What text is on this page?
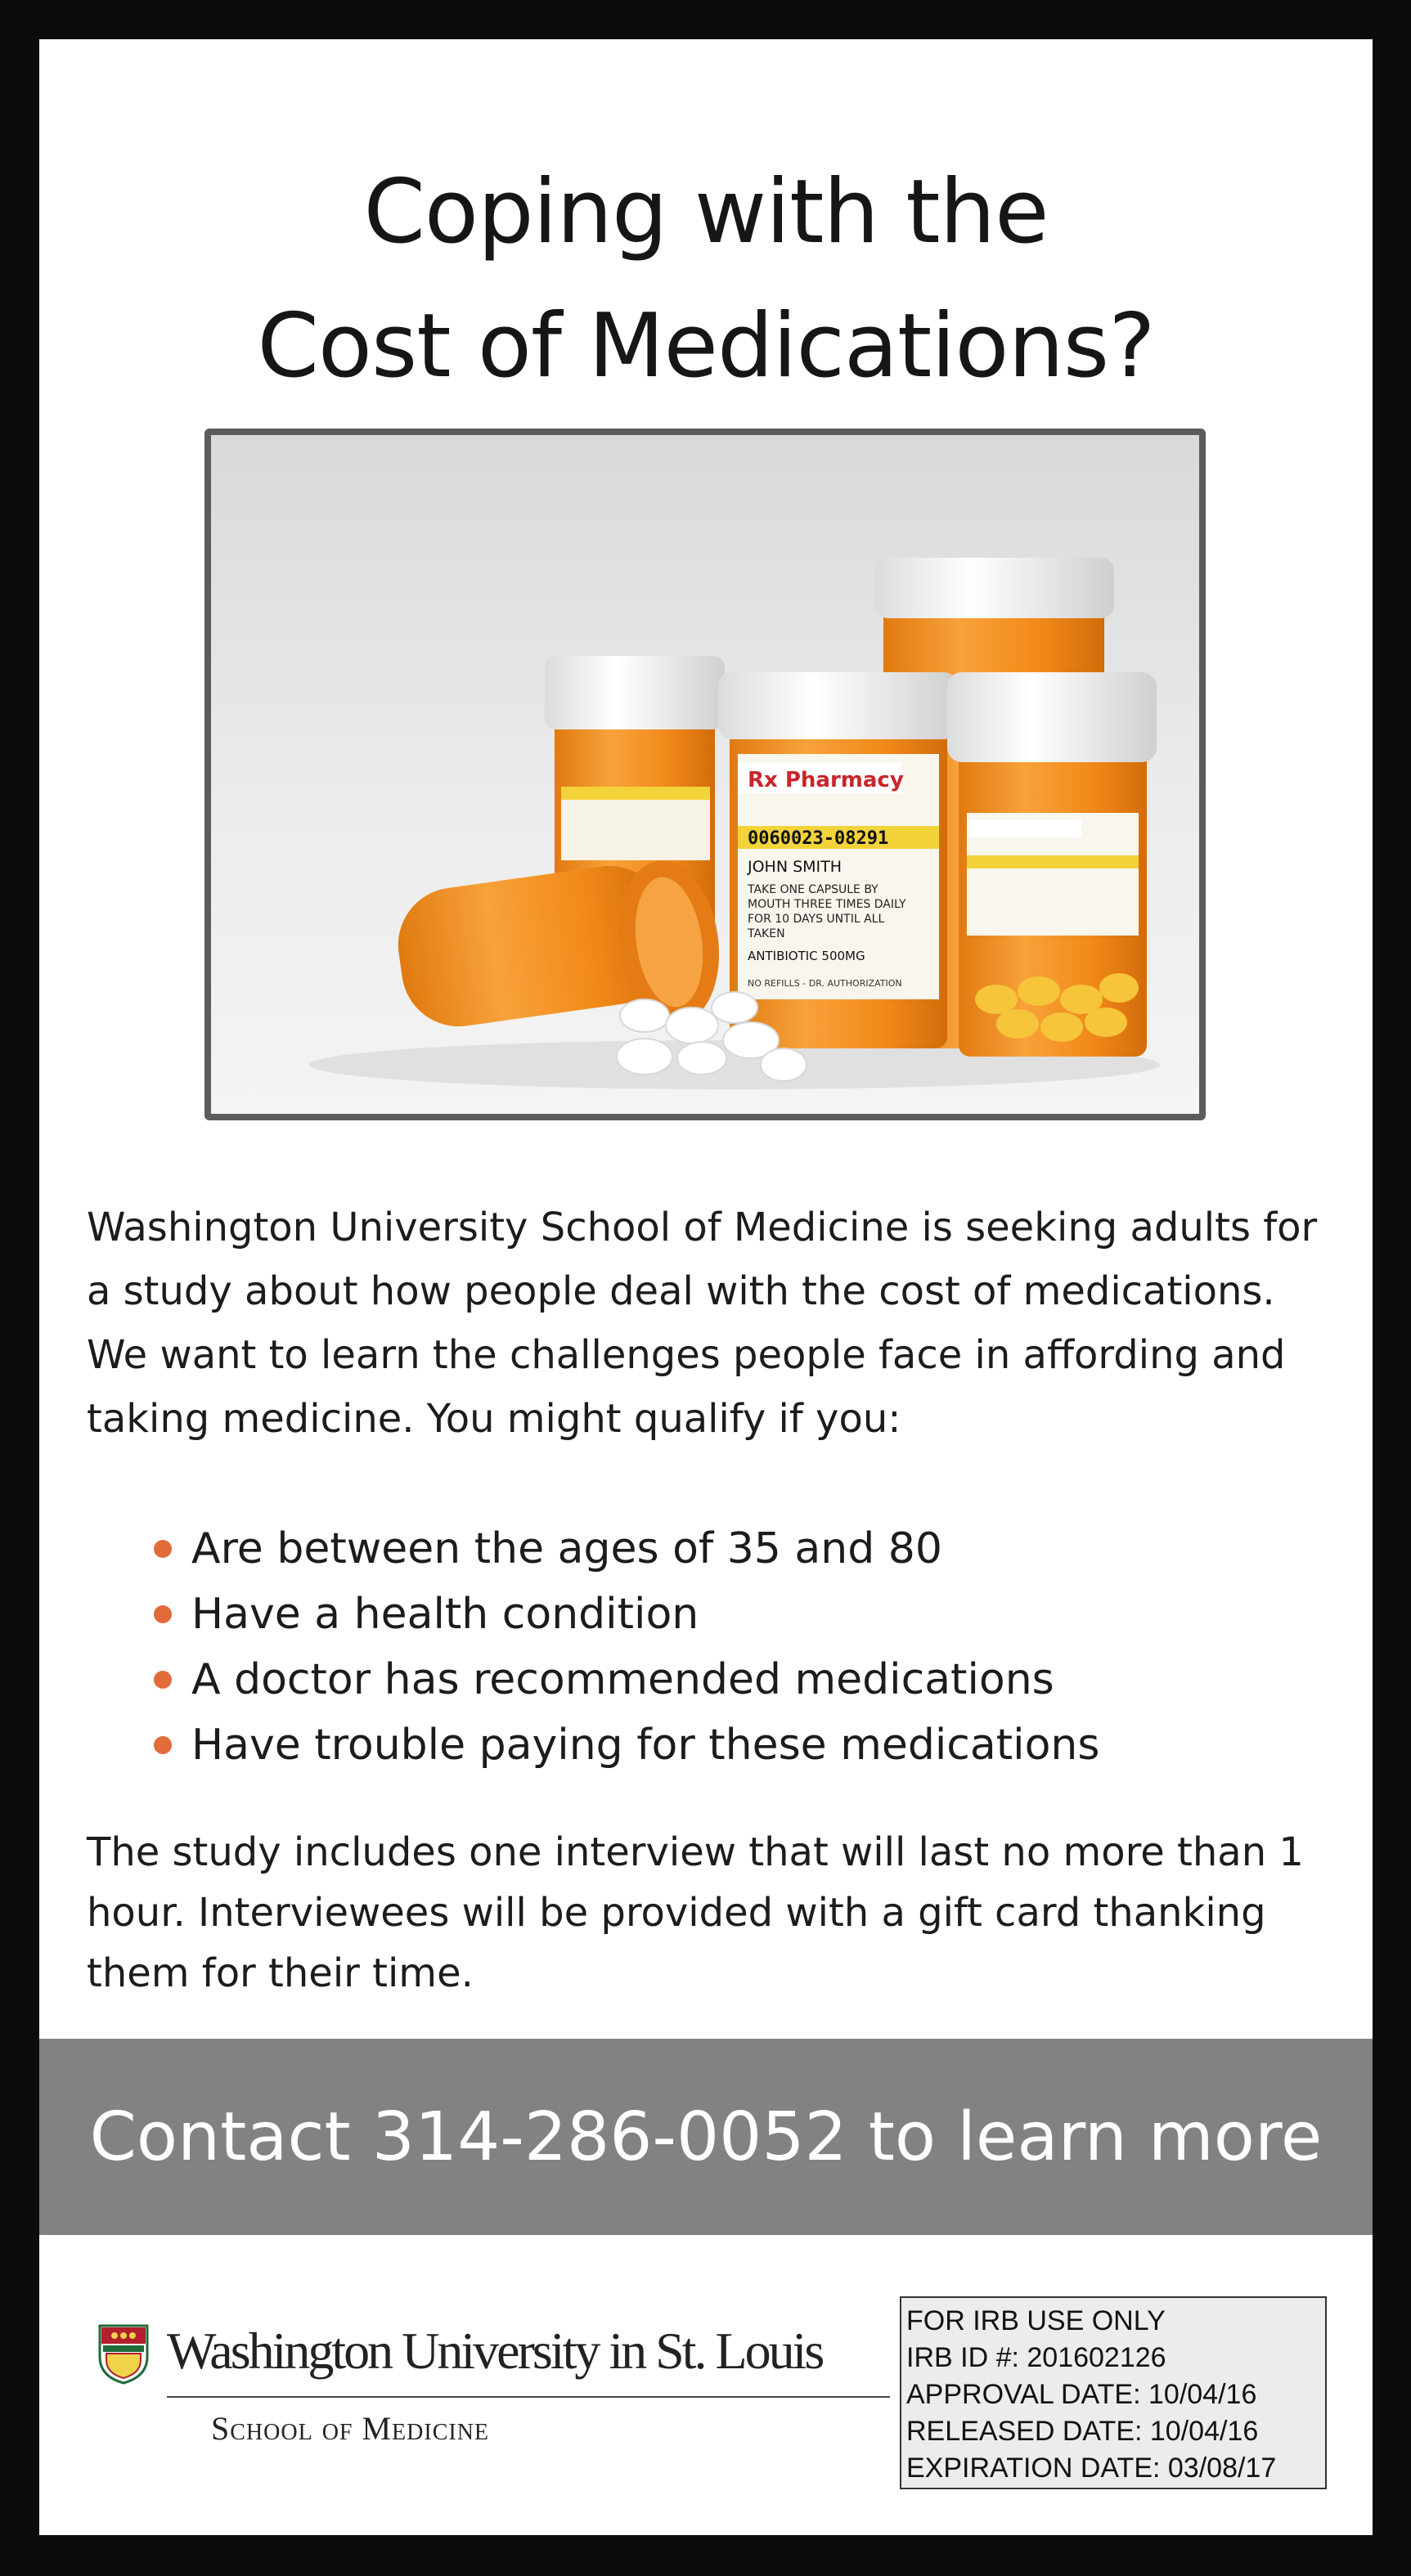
Coping with the
Cost of Medications?
Rx Pharmacy
0060023-08291
JOHN SMITH
TAKE ONE CAPSULE BY
MOUTH THREE TIMES DAILY
FOR 10 DAYS UNTIL ALL
TAKEN
ANTIBIOTIC 500MG
NO REFILLS - DR. AUTHORIZATION

Washington University School of Medicine is seeking adults for a study about how people deal with the cost of medications. We want to learn the challenges people face in affording and taking medicine. You might qualify if you:

Are between the ages of 35 and 80
Have a health condition
A doctor has recommended medications
Have trouble paying for these medications

The study includes one interview that will last no more than 1 hour. Interviewees will be provided with a gift card thanking them for their time.

Contact 314-286-0052 to learn more
Washington University in St. Louis
School of Medicine
FOR IRB USE ONLY
IRB ID #: 201602126
APPROVAL DATE: 10/04/16
RELEASED DATE: 10/04/16
EXPIRATION DATE: 03/08/17
